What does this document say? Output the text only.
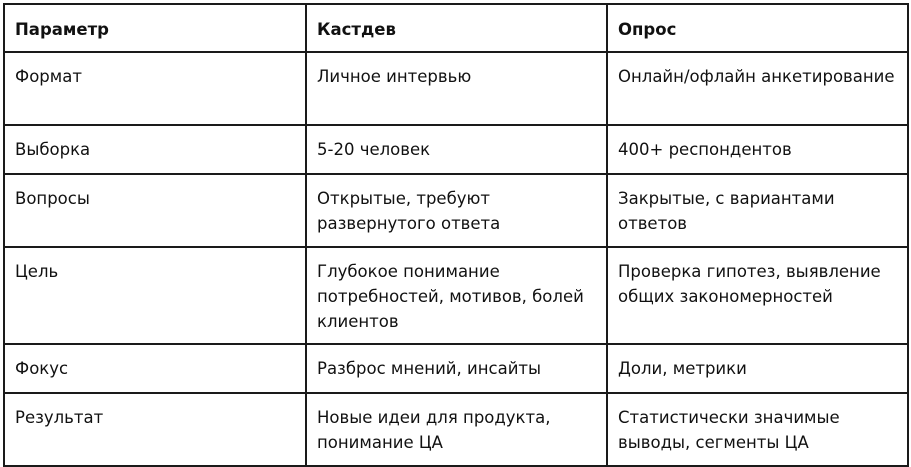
Параметр	Кастдев	Опрос
Формат	Личное интервью	Онлайн/офлайн анкетирование
Выборка	5-20 человек	400+ респондентов
Вопросы	Открытые, требуют развернутого ответа	Закрытые, с вариантами ответов
Цель	Глубокое понимание потребностей, мотивов, болей клиентов	Проверка гипотез, выявление общих закономерностей
Фокус	Разброс мнений, инсайты	Доли, метрики
Результат	Новые идеи для продукта, понимание ЦА	Статистически значимые выводы, сегменты ЦА
